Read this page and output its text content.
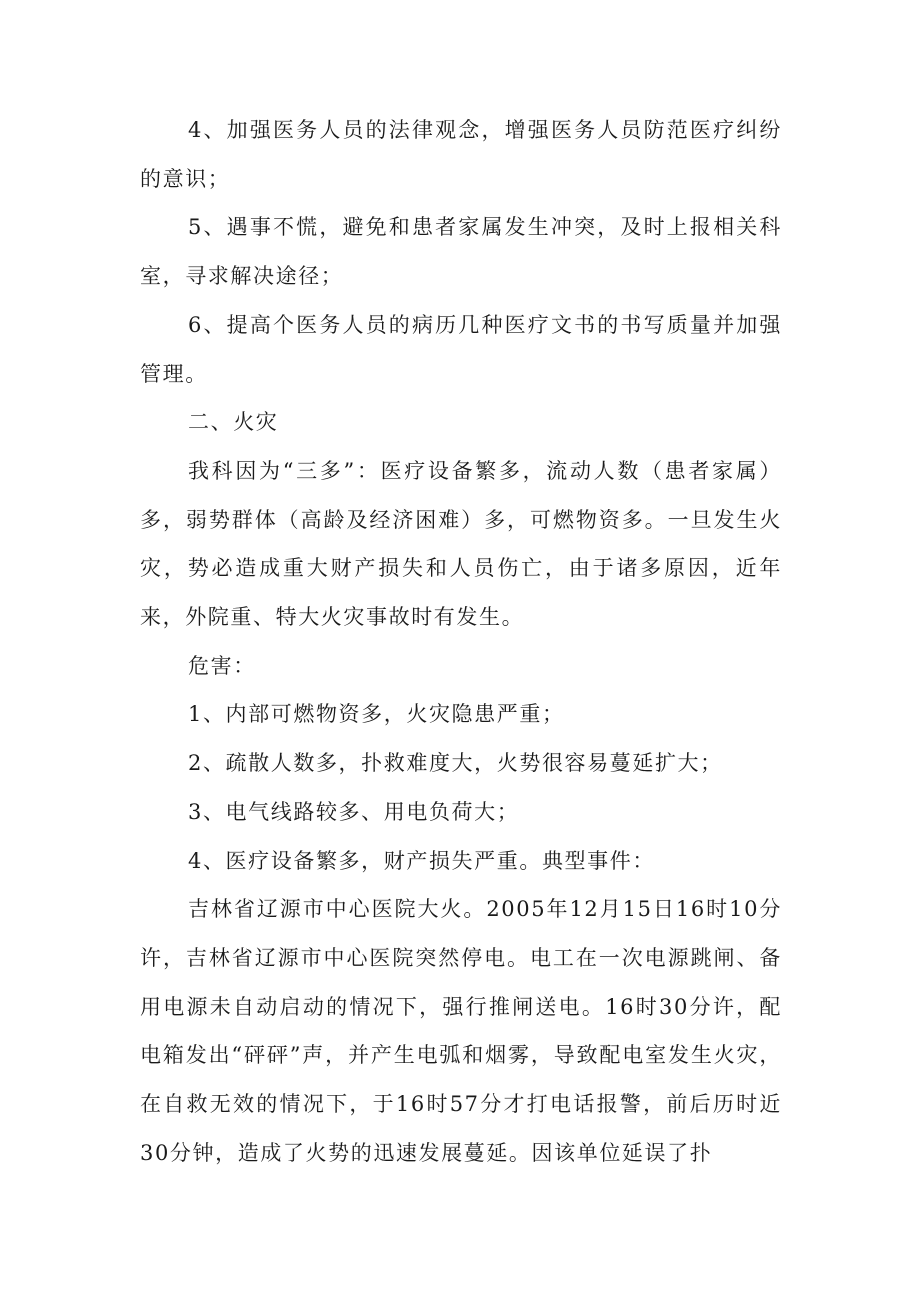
4、加强医务人员的法律观念，增强医务人员防范医疗纠纷的意识；

5、遇事不慌，避免和患者家属发生冲突，及时上报相关科室，寻求解决途径；

6、提高个医务人员的病历几种医疗文书的书写质量并加强管理。

二、火灾

我科因为“三多”：医疗设备繁多，流动人数（患者家属）多，弱势群体（高龄及经济困难）多，可燃物资多。一旦发生火灾，势必造成重大财产损失和人员伤亡，由于诸多原因，近年来，外院重、特大火灾事故时有发生。

危害：

1、内部可燃物资多，火灾隐患严重；

2、疏散人数多，扑救难度大，火势很容易蔓延扩大；

3、电气线路较多、用电负荷大；

4、医疗设备繁多，财产损失严重。典型事件：

吉林省辽源市中心医院大火。2005年12月15日16时10分许，吉林省辽源市中心医院突然停电。电工在一次电源跳闸、备用电源未自动启动的情况下，强行推闸送电。16时30分许，配电箱发出“砰砰”声，并产生电弧和烟雾，导致配电室发生火灾，在自救无效的情况下，于16时57分才打电话报警，前后历时近30分钟，造成了火势的迅速发展蔓延。因该单位延误了扑
